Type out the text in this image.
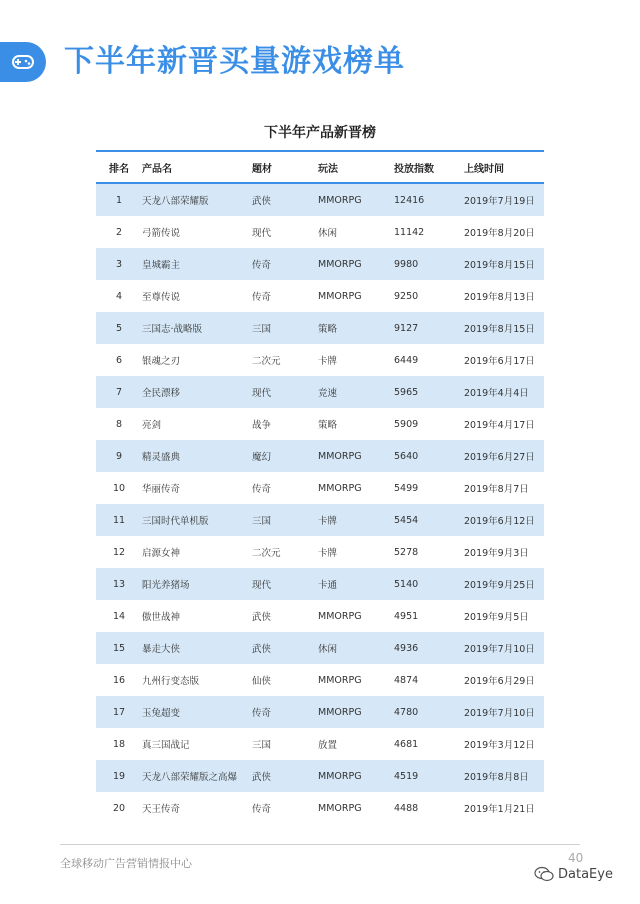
下半年新晋买量游戏榜单
下半年产品新晋榜
排名	产品名	题材	玩法	投放指数	上线时间
1	天龙八部荣耀版	武侠	MMORPG	12416	2019年7月19日
2	弓箭传说	现代	休闲	11142	2019年8月20日
3	皇城霸主	传奇	MMORPG	9980	2019年8月15日
4	至尊传说	传奇	MMORPG	9250	2019年8月13日
5	三国志·战略版	三国	策略	9127	2019年8月15日
6	银魂之刃	二次元	卡牌	6449	2019年6月17日
7	全民漂移	现代	竞速	5965	2019年4月4日
8	亮剑	战争	策略	5909	2019年4月17日
9	精灵盛典	魔幻	MMORPG	5640	2019年6月27日
10	华丽传奇	传奇	MMORPG	5499	2019年8月7日
11	三国时代单机版	三国	卡牌	5454	2019年6月12日
12	启源女神	二次元	卡牌	5278	2019年9月3日
13	阳光养猪场	现代	卡通	5140	2019年9月25日
14	傲世战神	武侠	MMORPG	4951	2019年9月5日
15	暴走大侠	武侠	休闲	4936	2019年7月10日
16	九州行变态版	仙侠	MMORPG	4874	2019年6月29日
17	玉兔超变	传奇	MMORPG	4780	2019年7月10日
18	真三国战记	三国	放置	4681	2019年3月12日
19	天龙八部荣耀版之高爆	武侠	MMORPG	4519	2019年8月8日
20	天王传奇	传奇	MMORPG	4488	2019年1月21日
全球移动广告营销情报中心	40
DataEye
